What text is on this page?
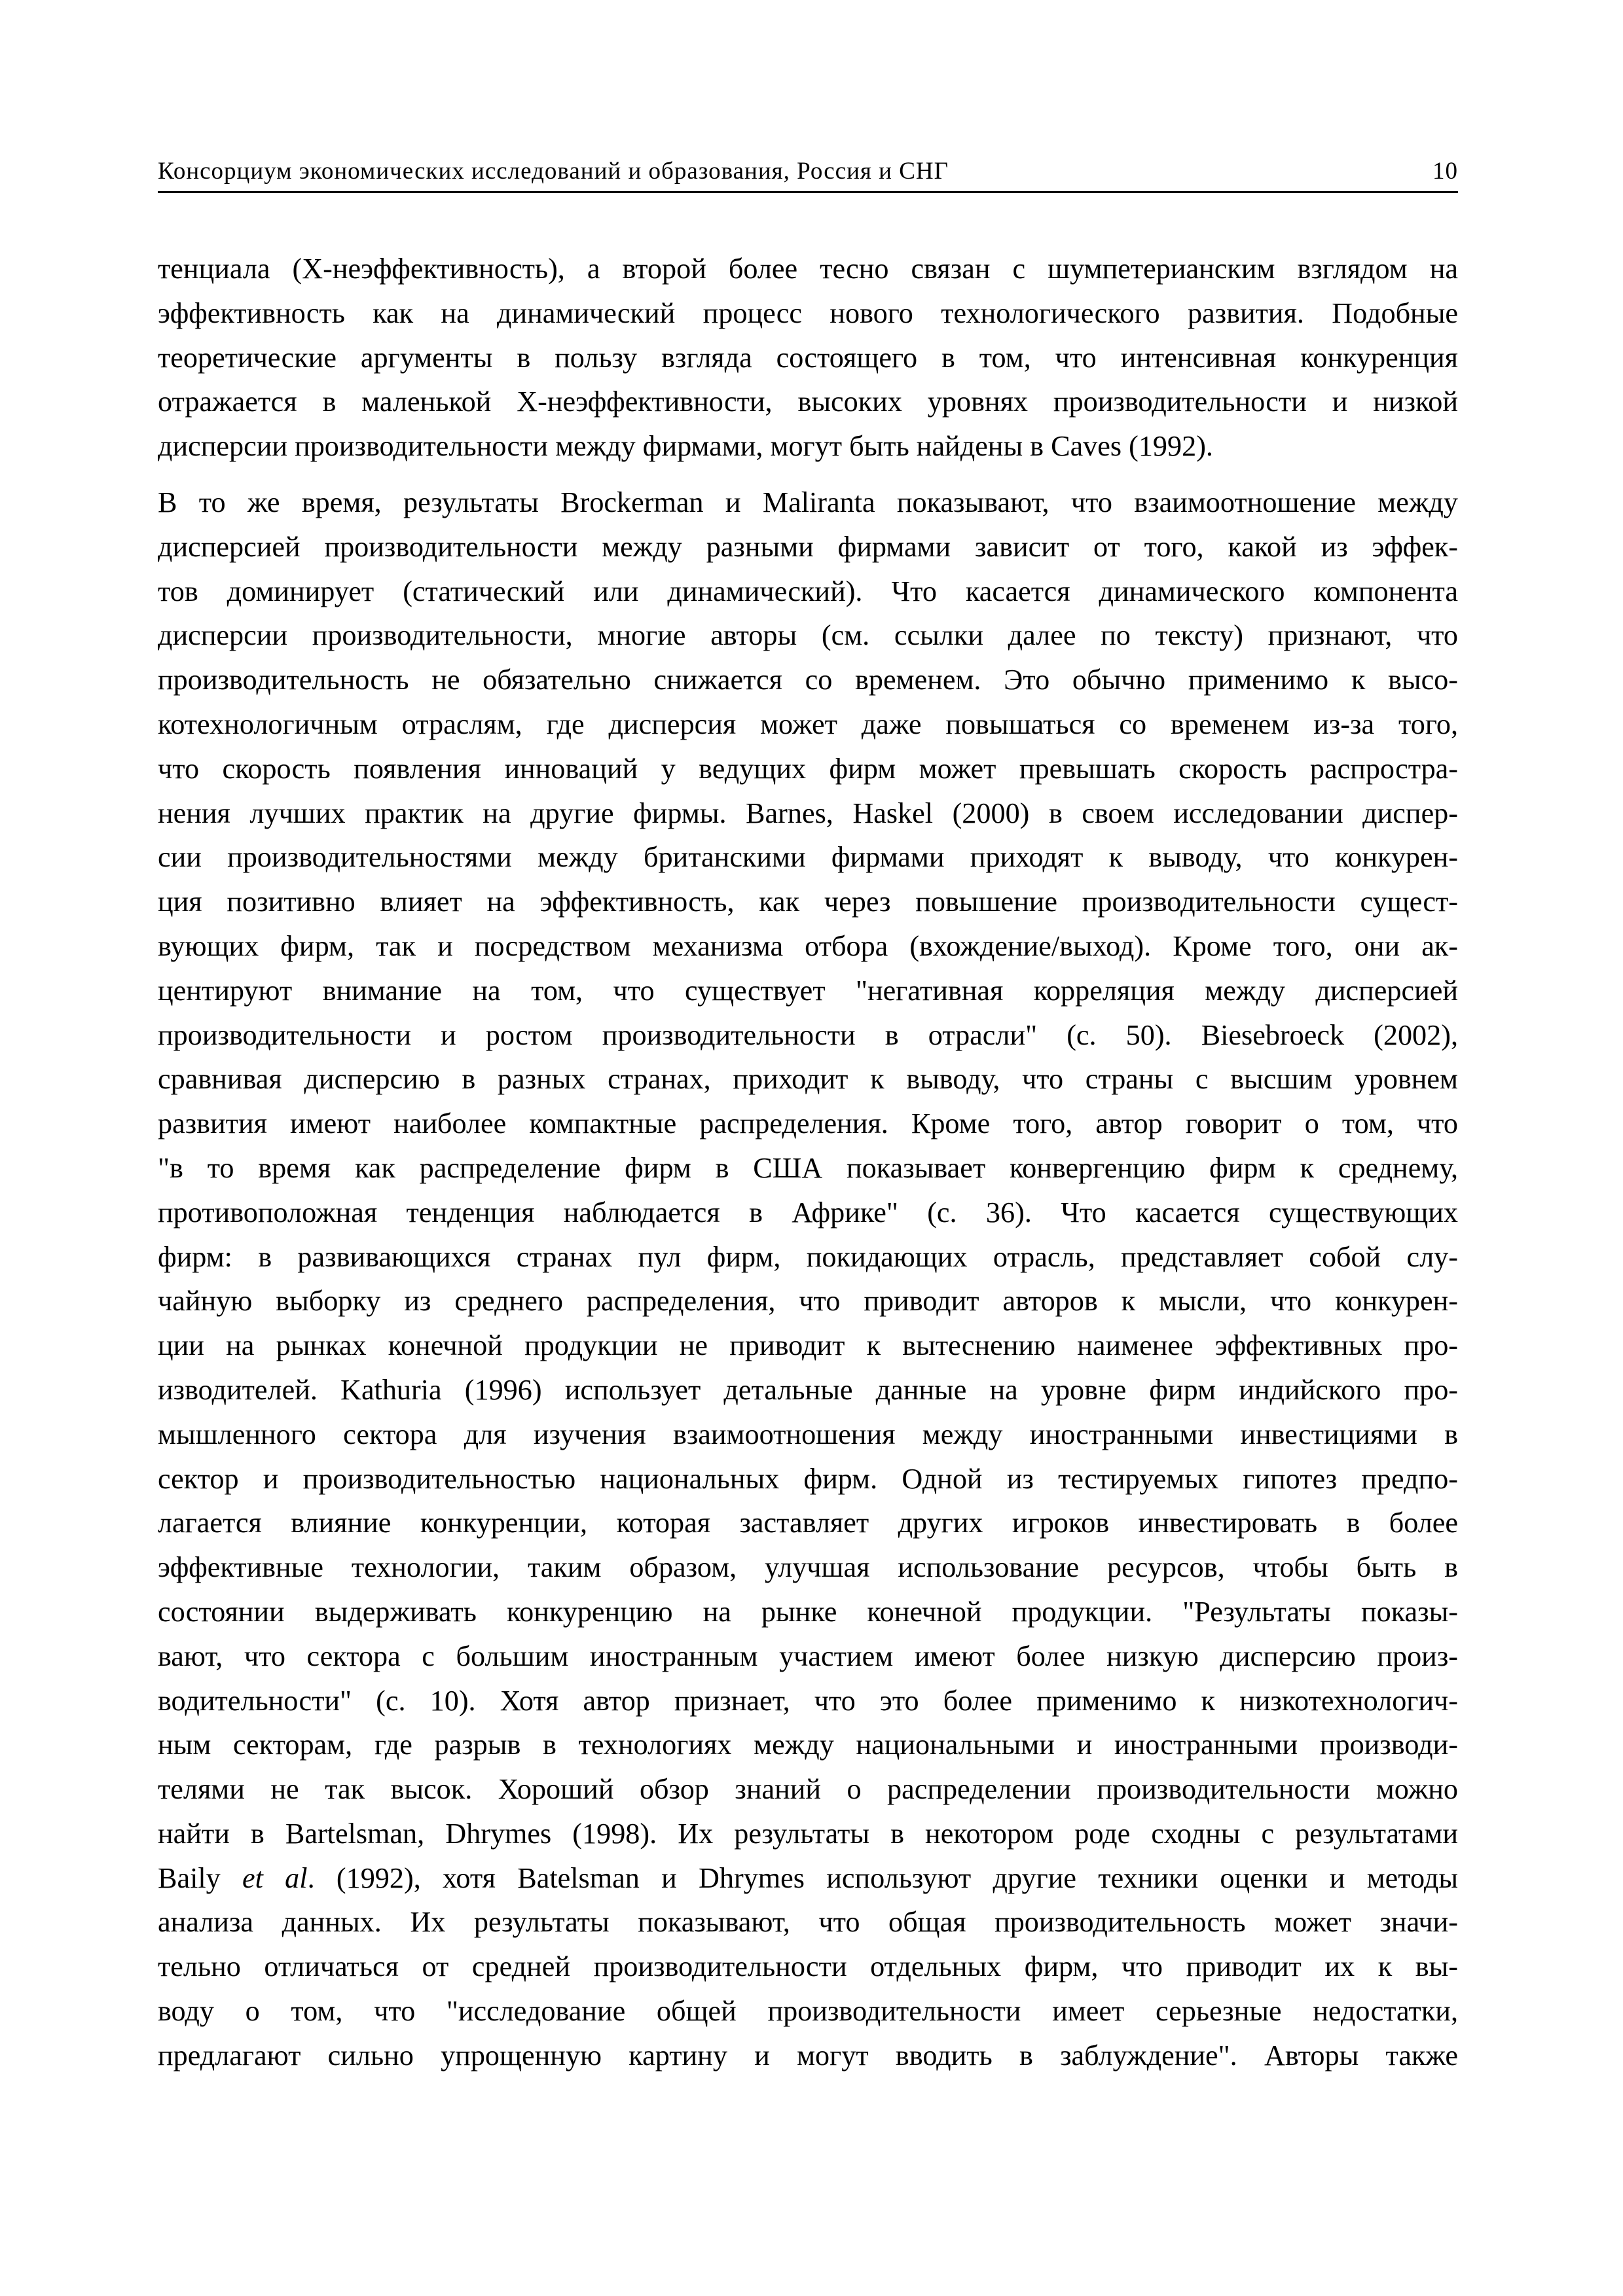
Консорциум экономических исследований и образования, Россия и СНГ	10
тенциала (Х-неэффективность), а второй более тесно связан с шумпетерианским взглядом на
эффективность как на динамический процесс нового технологического развития. Подобные
теоретические аргументы в пользу взгляда состоящего в том, что интенсивная конкуренция
отражается в маленькой Х-неэффективности, высоких уровнях производительности и низкой
дисперсии производительности между фирмами, могут быть найдены в Caves (1992).
В то же время, результаты Brockerman и Maliranta показывают, что взаимоотношение между
дисперсией производительности между разными фирмами зависит от того, какой из эффек-
тов доминирует (статический или динамический). Что касается динамического компонента
дисперсии производительности, многие авторы (см. ссылки далее по тексту) признают, что
производительность не обязательно снижается со временем. Это обычно применимо к высо-
котехнологичным отраслям, где дисперсия может даже повышаться со временем из-за того,
что скорость появления инноваций у ведущих фирм может превышать скорость распростра-
нения лучших практик на другие фирмы. Barnes, Haskel (2000) в своем исследовании диспер-
сии производительностями между британскими фирмами приходят к выводу, что конкурен-
ция позитивно влияет на эффективность, как через повышение производительности сущест-
вующих фирм, так и посредством механизма отбора (вхождение/выход). Кроме того, они ак-
центируют внимание на том, что существует "негативная корреляция между дисперсией
производительности и ростом производительности в отрасли" (c. 50). Biesebroeck (2002),
сравнивая дисперсию в разных странах, приходит к выводу, что страны с высшим уровнем
развития имеют наиболее компактные распределения. Кроме того, автор говорит о том, что
"в то время как распределение фирм в США показывает конвергенцию фирм к среднему,
противоположная тенденция наблюдается в Африке" (c. 36). Что касается существующих
фирм: в развивающихся странах пул фирм, покидающих отрасль, представляет собой слу-
чайную выборку из среднего распределения, что приводит авторов к мысли, что конкурен-
ции на рынках конечной продукции не приводит к вытеснению наименее эффективных про-
изводителей. Kathuria (1996) использует детальные данные на уровне фирм индийского про-
мышленного сектора для изучения взаимоотношения между иностранными инвестициями в
сектор и производительностью национальных фирм. Одной из тестируемых гипотез предпо-
лагается влияние конкуренции, которая заставляет других игроков инвестировать в более
эффективные технологии, таким образом, улучшая использование ресурсов, чтобы быть в
состоянии выдерживать конкуренцию на рынке конечной продукции. "Результаты показы-
вают, что сектора с большим иностранным участием имеют более низкую дисперсию произ-
водительности" (с. 10). Хотя автор признает, что это более применимо к низкотехнологич-
ным секторам, где разрыв в технологиях между национальными и иностранными производи-
телями не так высок. Хороший обзор знаний о распределении производительности можно
найти в Bartelsman, Dhrymes (1998). Их результаты в некотором роде сходны с результатами
Baily et al. (1992), хотя Batelsman и Dhrymes используют другие техники оценки и методы
анализа данных. Их результаты показывают, что общая производительность может значи-
тельно отличаться от средней производительности отдельных фирм, что приводит их к вы-
воду о том, что "исследование общей производительности имеет серьезные недостатки,
предлагают сильно упрощенную картину и могут вводить в заблуждение". Авторы также
